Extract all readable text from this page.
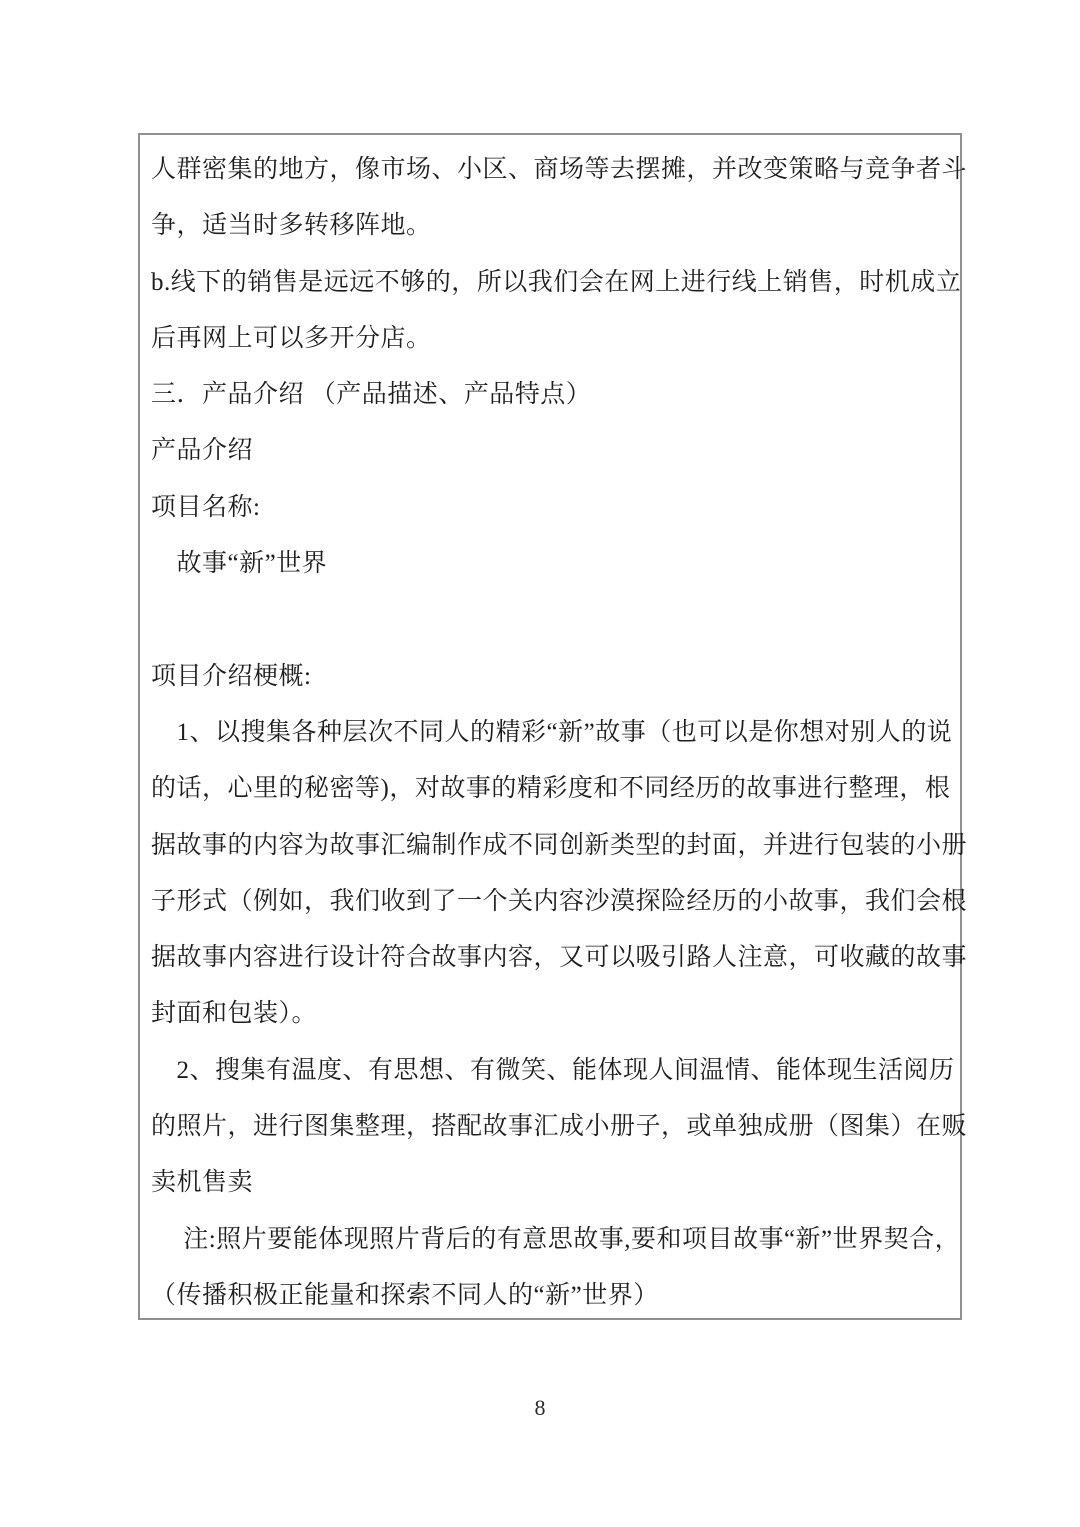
人群密集的地方，像市场、小区、商场等去摆摊，并改变策略与竞争者斗
争，适当时多转移阵地。
b.线下的销售是远远不够的，所以我们会在网上进行线上销售，时机成立
后再网上可以多开分店。
三．产品介绍 （产品描述、产品特点）
产品介绍
项目名称:
　故事“新”世界
项目介绍梗概:
　1、以搜集各种层次不同人的精彩“新”故事（也可以是你想对别人的说
的话，心里的秘密等)，对故事的精彩度和不同经历的故事进行整理，根
据故事的内容为故事汇编制作成不同创新类型的封面，并进行包装的小册
子形式（例如，我们收到了一个关内容沙漠探险经历的小故事，我们会根
据故事内容进行设计符合故事内容，又可以吸引路人注意，可收藏的故事
封面和包装）。
　2、搜集有温度、有思想、有微笑、能体现人间温情、能体现生活阅历
的照片，进行图集整理，搭配故事汇成小册子，或单独成册（图集）在贩
卖机售卖
　 注:照片要能体现照片背后的有意思故事,要和项目故事“新”世界契合，
（传播积极正能量和探索不同人的“新”世界）
8
